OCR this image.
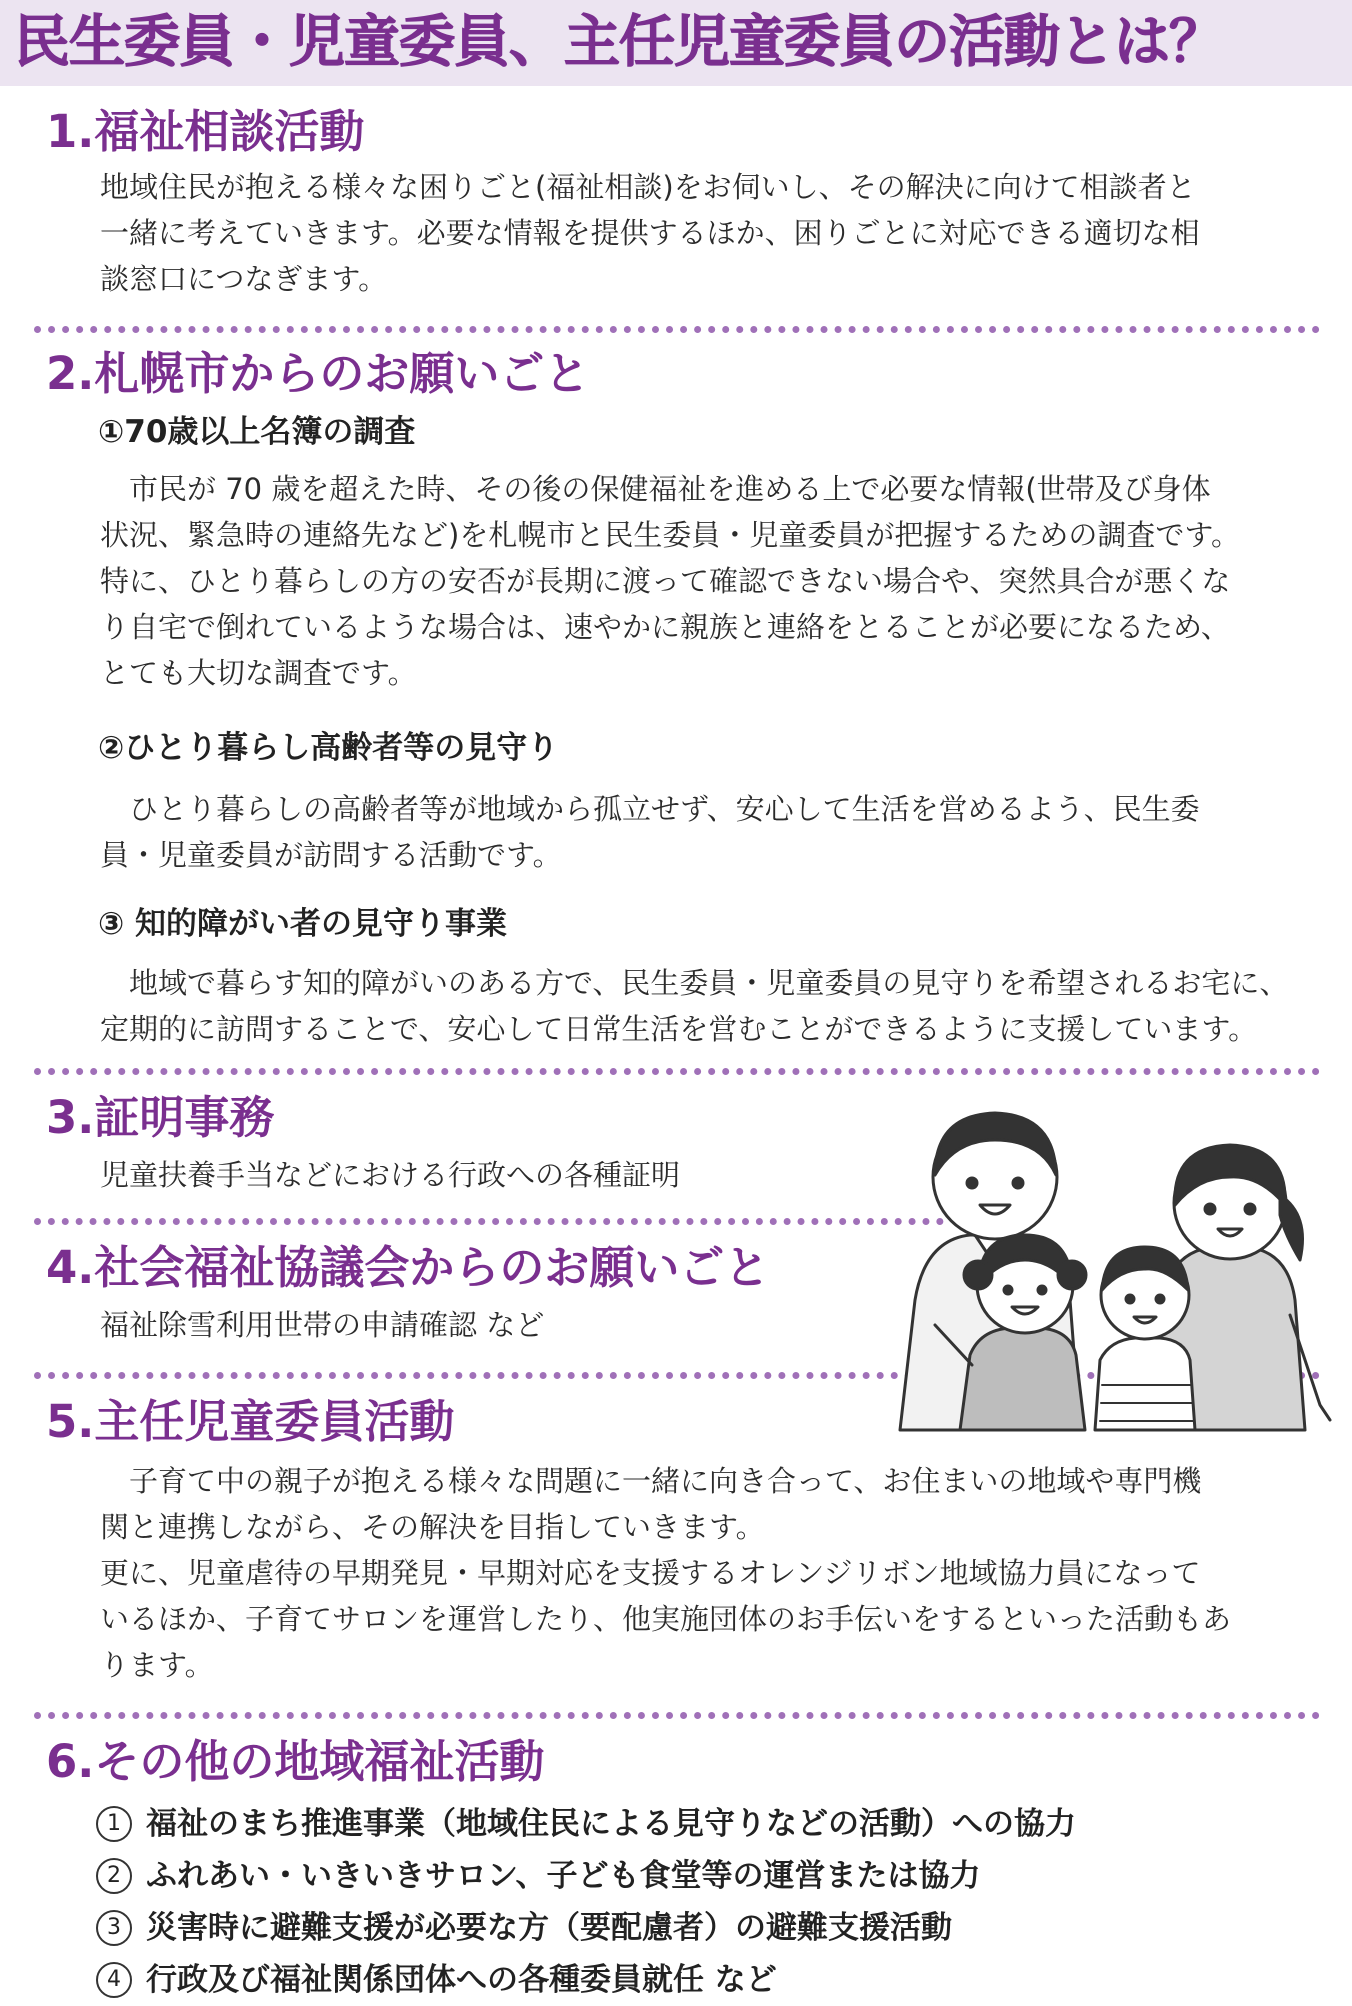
民生委員・児童委員、主任児童委員の活動とは？
1.福祉相談活動

地域住民が抱える様々な困りごと(福祉相談)をお伺いし、その解決に向けて相談者と
一緒に考えていきます。必要な情報を提供するほか、困りごとに対応できる適切な相
談窓口につなぎます。

2.札幌市からのお願いごと
①70歳以上名簿の調査

　市民が 70 歳を超えた時、その後の保健福祉を進める上で必要な情報(世帯及び身体
状況、緊急時の連絡先など)を札幌市と民生委員・児童委員が把握するための調査です。
特に、ひとり暮らしの方の安否が長期に渡って確認できない場合や、突然具合が悪くな
り自宅で倒れているような場合は、速やかに親族と連絡をとることが必要になるため、
とても大切な調査です。

②ひとり暮らし高齢者等の見守り

　ひとり暮らしの高齢者等が地域から孤立せず、安心して生活を営めるよう、民生委
員・児童委員が訪問する活動です。

③ 知的障がい者の見守り事業

　地域で暮らす知的障がいのある方で、民生委員・児童委員の見守りを希望されるお宅に、
定期的に訪問することで、安心して日常生活を営むことができるように支援しています。

3.証明事務

児童扶養手当などにおける行政への各種証明

4.社会福祉協議会からのお願いごと

福祉除雪利用世帯の申請確認 など

5.主任児童委員活動

　子育て中の親子が抱える様々な問題に一緒に向き合って、お住まいの地域や専門機
関と連携しながら、その解決を目指していきます。
更に、児童虐待の早期発見・早期対応を支援するオレンジリボン地域協力員になって
いるほか、子育てサロンを運営したり、他実施団体のお手伝いをするといった活動もあ
ります。

6.その他の地域福祉活動
1 福祉のまち推進事業（地域住民による見守りなどの活動）への協力
2 ふれあい・いきいきサロン、子ども食堂等の運営または協力
3 災害時に避難支援が必要な方（要配慮者）の避難支援活動
4 行政及び福祉関係団体への各種委員就任 など
